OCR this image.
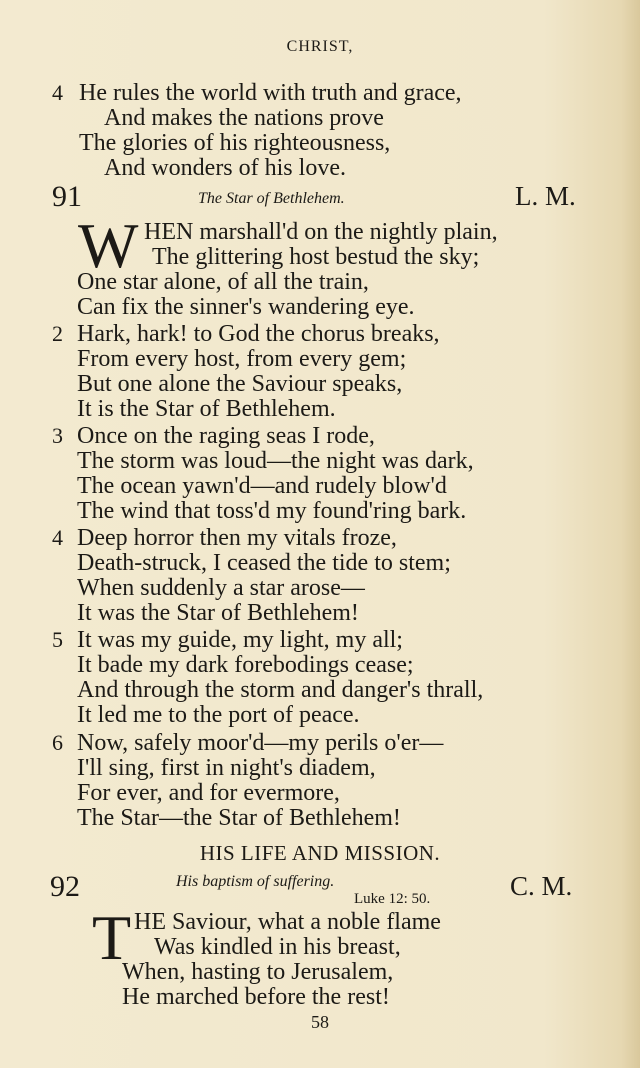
CHRIST,
4 He rules the world with truth and grace,
And makes the nations prove
The glories of his righteousness,
And wonders of his love.
91	The Star of Bethlehem.	L. M.
W HEN marshall'd on the nightly plain,
The glittering host bestud the sky;
One star alone, of all the train,
Can fix the sinner's wandering eye.
2 Hark, hark! to God the chorus breaks,
From every host, from every gem;
But one alone the Saviour speaks,
It is the Star of Bethlehem.
3 Once on the raging seas I rode,
The storm was loud—the night was dark,
The ocean yawn'd—and rudely blow'd
The wind that toss'd my found'ring bark.
4 Deep horror then my vitals froze,
Death-struck, I ceased the tide to stem;
When suddenly a star arose—
It was the Star of Bethlehem!
5 It was my guide, my light, my all;
It bade my dark forebodings cease;
And through the storm and danger's thrall,
It led me to the port of peace.
6 Now, safely moor'd—my perils o'er—
I'll sing, first in night's diadem,
For ever, and for evermore,
The Star—the Star of Bethlehem!
HIS LIFE AND MISSION.
92	His baptism of suffering.
Luke 12: 50.	C. M.
T HE Saviour, what a noble flame
Was kindled in his breast,
When, hasting to Jerusalem,
He marched before the rest!
58
